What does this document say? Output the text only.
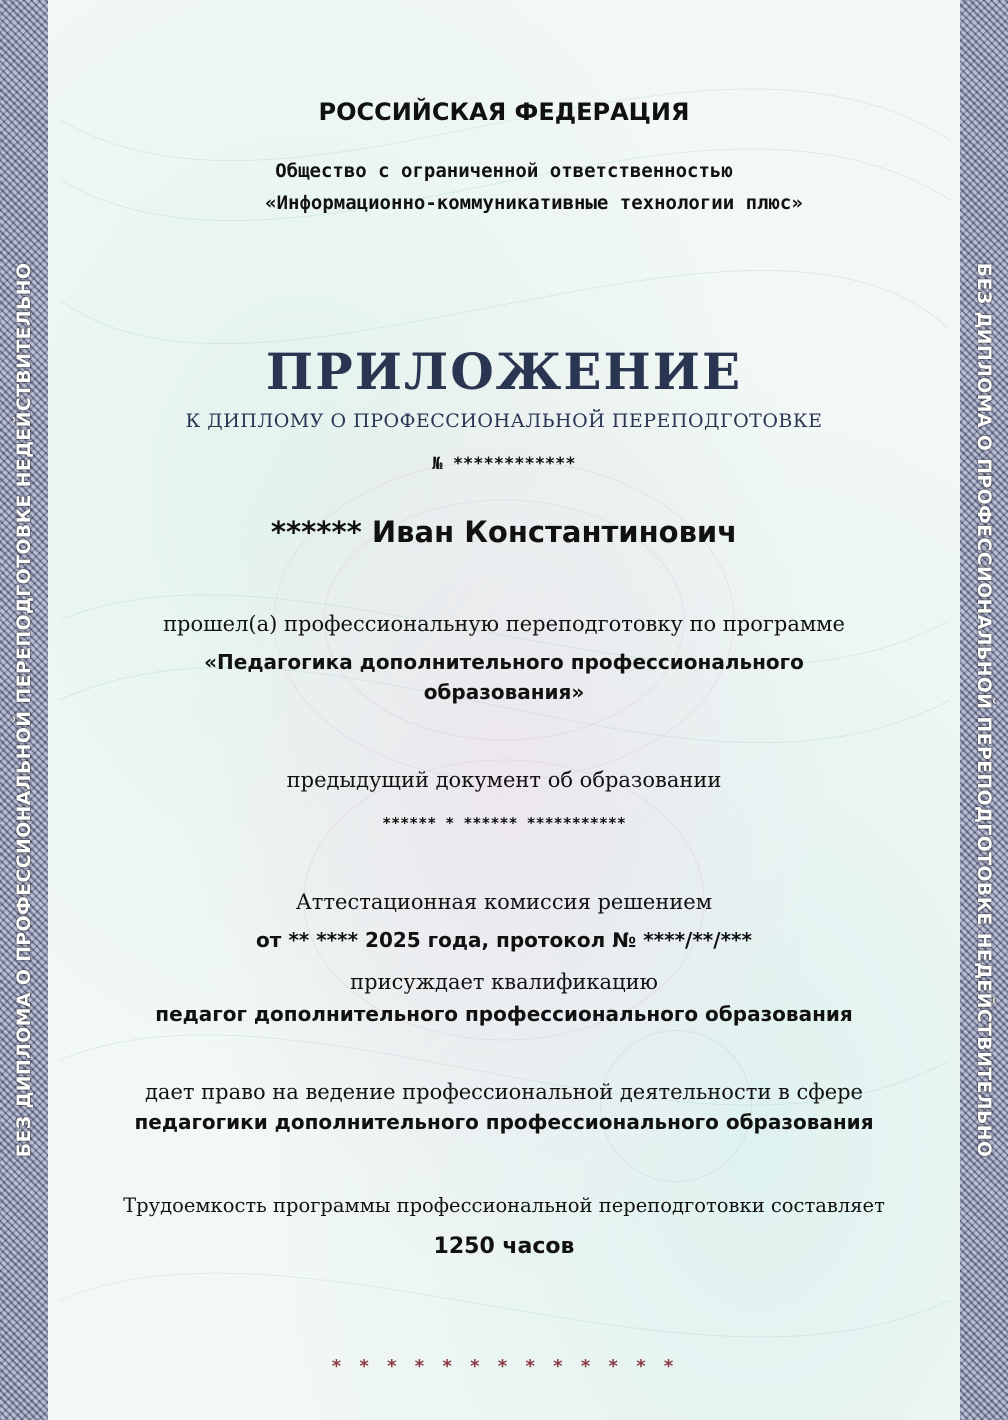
БЕЗ ДИПЛОМА О ПРОФЕССИОНАЛЬНОЙ ПЕРЕПОДГОТОВКЕ НЕДЕЙСТВИТЕЛЬНО	БЕЗ ДИПЛОМА О ПРОФЕССИОНАЛЬНОЙ ПЕРЕПОДГОТОВКЕ НЕДЕЙСТВИТЕЛЬНО
РОССИЙСКАЯ ФЕДЕРАЦИЯ
Общество с ограниченной ответственностью
«Информационно-коммуникативные технологии плюс»
ПРИЛОЖЕНИЕ
К ДИПЛОМУ О ПРОФЕССИОНАЛЬНОЙ ПЕРЕПОДГОТОВКЕ
№ ************
****** Иван Константинович
прошел(а) профессиональную переподготовку по программе
«Педагогика дополнительного профессионального
образования»
предыдущий документ об образовании
****** * ****** ***********
Аттестационная комиссия решением
от ** **** 2025 года, протокол № ****/**/***
присуждает квалификацию
педагог дополнительного профессионального образования
дает право на ведение профессиональной деятельности в сфере
педагогики дополнительного профессионального образования
Трудоемкость программы профессиональной переподготовки составляет
1250 часов
* * * * * * * * * * * * *
